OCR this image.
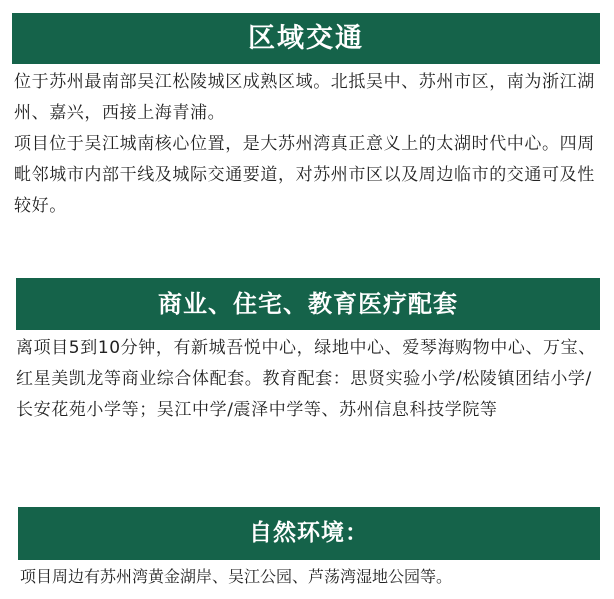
区域交通

位于苏州最南部吴江松陵城区成熟区域。北抵吴中、苏州市区，南为浙江湖州、嘉兴，西接上海青浦。

项目位于吴江城南核心位置，是大苏州湾真正意义上的太湖时代中心。四周毗邻城市内部干线及城际交通要道，对苏州市区以及周边临市的交通可及性较好。

商业、住宅、教育医疗配套

离项目5到10分钟，有新城吾悦中心，绿地中心、爱琴海购物中心、万宝、红星美凯龙等商业综合体配套。教育配套：思贤实验小学/松陵镇团结小学/长安花苑小学等；吴江中学/震泽中学等、苏州信息科技学院等

自然环境：

项目周边有苏州湾黄金湖岸、吴江公园、芦荡湾湿地公园等。
